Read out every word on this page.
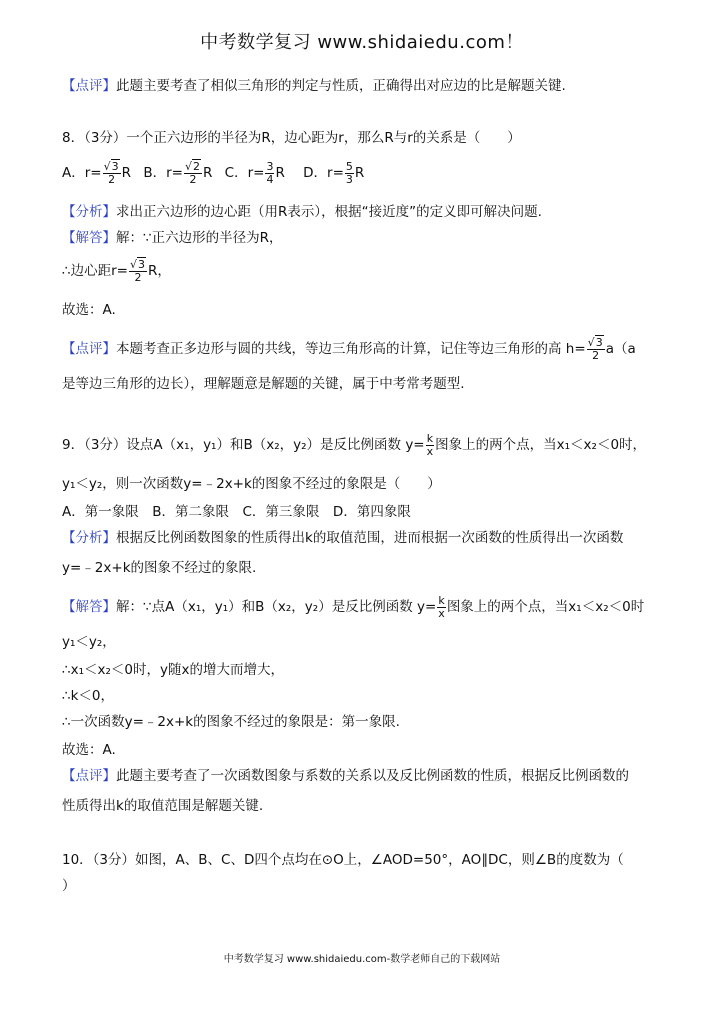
中考数学复习 www.shidaiedu.com！
【点评】此题主要考查了相似三角形的判定与性质，正确得出对应边的比是解题关键.
8．（3分）一个正六边形的半径为R，边心距为r，那么R与r的关系是（　　）
A．$r= \frac{√3}{2}$ R B．$r= \frac{√2}{2}$ R C．$r= \frac{3}{4}$ R D．$r= \frac{5}{3}$ R
【分析】求出正六边形的边心距（用R表示），根据“接近度”的定义即可解决问题.
【解答】解：∵正六边形的半径为R，
∴边心距$r= \frac{√3}{2}$ R，
故选：A.
【点评】本题考查正多边形与圆的共线，等边三角形高的计算，记住等边三角形的高 $h= \frac{√3}{2} a(a$
是等边三角形的边长），理解题意是解题的关键，属于中考常考题型.
9．（3分）设点A（x₁，y₁）和B（x₂，y₂）是反比例函数 $y= \frac{k}{x}$ 图象上的两个点，当x₁＜x₂＜0时，
y₁＜y₂，则一次函数y=﹣2x+k的图象不经过的象限是（　　）
A．第一象限　B．第二象限　C．第三象限　D．第四象限
【分析】根据反比例函数图象的性质得出k的取值范围，进而根据一次函数的性质得出一次函数
y=﹣2x+k的图象不经过的象限.
【解答】解：∵点A（x₁，y₁）和B（x₂，y₂）是反比例函数 $y= \frac{k}{x}$ 图象上的两个点，当x₁＜x₂＜0时
y₁＜y₂，
∴x₁＜x₂＜0时，y随x的增大而增大，
∴k＜0，
∴一次函数y=﹣2x+k的图象不经过的象限是：第一象限.
故选：A.
【点评】此题主要考查了一次函数图象与系数的关系以及反比例函数的性质，根据反比例函数的
性质得出k的取值范围是解题关键.
10．（3分）如图，A、B、C、D四个点均在⊙O上，∠AOD=50°，AO∥DC，则∠B的度数为（
）
中考数学复习 www.shidaiedu.com-数学老师自己的下载网站
